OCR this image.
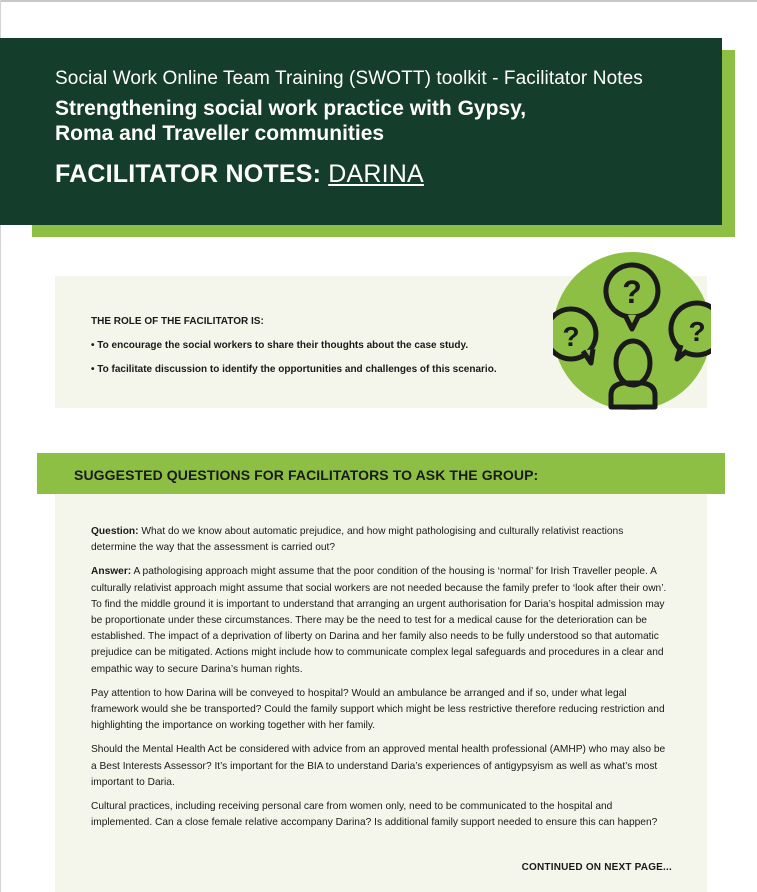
Social Work Online Team Training (SWOTT) toolkit - Facilitator Notes
Strengthening social work practice with Gypsy, Roma and Traveller communities
FACILITATOR NOTES: DARINA
THE ROLE OF THE FACILITATOR IS:
• To encourage the social workers to share their thoughts about the case study.
• To facilitate discussion to identify the opportunities and challenges of this scenario.
?
?	?
SUGGESTED QUESTIONS FOR FACILITATORS TO ASK THE GROUP:

Question: What do we know about automatic prejudice, and how might pathologising and culturally relativist reactions determine the way that the assessment is carried out?

Answer: A pathologising approach might assume that the poor condition of the housing is ‘normal’ for Irish Traveller people. A culturally relativist approach might assume that social workers are not needed because the family prefer to ‘look after their own’. To find the middle ground it is important to understand that arranging an urgent authorisation for Daria’s hospital admission may be proportionate under these circumstances. There may be the need to test for a medical cause for the deterioration can be established. The impact of a deprivation of liberty on Darina and her family also needs to be fully understood so that automatic prejudice can be mitigated. Actions might include how to communicate complex legal safeguards and procedures in a clear and empathic way to secure Darina’s human rights.

Pay attention to how Darina will be conveyed to hospital? Would an ambulance be arranged and if so, under what legal framework would she be transported? Could the family support which might be less restrictive therefore reducing restriction and highlighting the importance on working together with her family.

Should the Mental Health Act be considered with advice from an approved mental health professional (AMHP) who may also be a Best Interests Assessor? It’s important for the BIA to understand Daria’s experiences of antigypsyism as well as what’s most important to Daria.

Cultural practices, including receiving personal care from women only, need to be communicated to the hospital and implemented. Can a close female relative accompany Darina? Is additional family support needed to ensure this can happen?

CONTINUED ON NEXT PAGE...
